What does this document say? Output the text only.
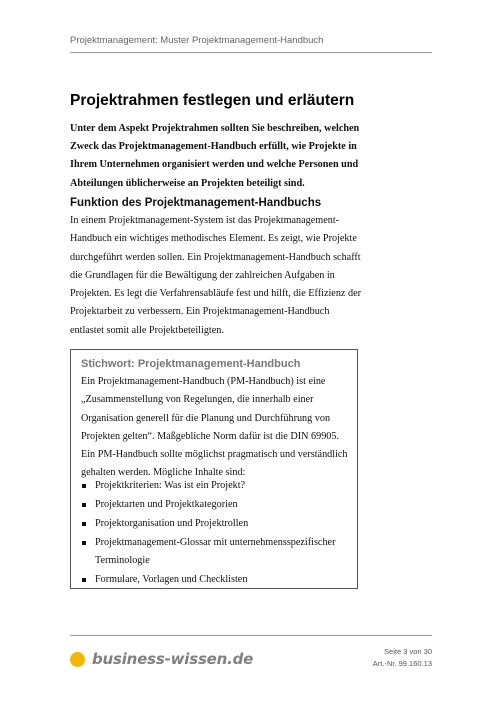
Projektmanagement: Muster Projektmanagement-Handbuch
Projektrahmen festlegen und erläutern

Unter dem Aspekt Projektrahmen sollten Sie beschreiben, welchen Zweck das Projektmanagement-Handbuch erfüllt, wie Projekte in Ihrem Unternehmen organisiert werden und welche Personen und Abteilungen üblicherweise an Projekten beteiligt sind.

Funktion des Projektmanagement-Handbuchs

In einem Projektmanagement-System ist das Projektmanagement-Handbuch ein wichtiges methodisches Element. Es zeigt, wie Projekte durchgeführt werden sollen. Ein Projektmanagement-Handbuch schafft die Grundlagen für die Bewältigung der zahlreichen Aufgaben in Projekten. Es legt die Verfahrensabläufe fest und hilft, die Effizienz der Projektarbeit zu verbessern. Ein Projektmanagement-Handbuch entlastet somit alle Projektbeteiligten.

Stichwort: Projektmanagement-Handbuch

Ein Projektmanagement-Handbuch (PM-Handbuch) ist eine „Zusammenstellung von Regelungen, die innerhalb einer Organisation generell für die Planung und Durchführung von Projekten gelten“. Maßgebliche Norm dafür ist die DIN 69905. Ein PM-Handbuch sollte möglichst pragmatisch und verständlich gehalten werden. Mögliche Inhalte sind:

Projektkriterien: Was ist ein Projekt?
Projektarten und Projektkategorien
Projektorganisation und Projektrollen
Projektmanagement-Glossar mit unternehmensspezifischer Terminologie
Formulare, Vorlagen und Checklisten
business-wissen.de	Seite 3 von 30
Art.-Nr. 99.160.13
